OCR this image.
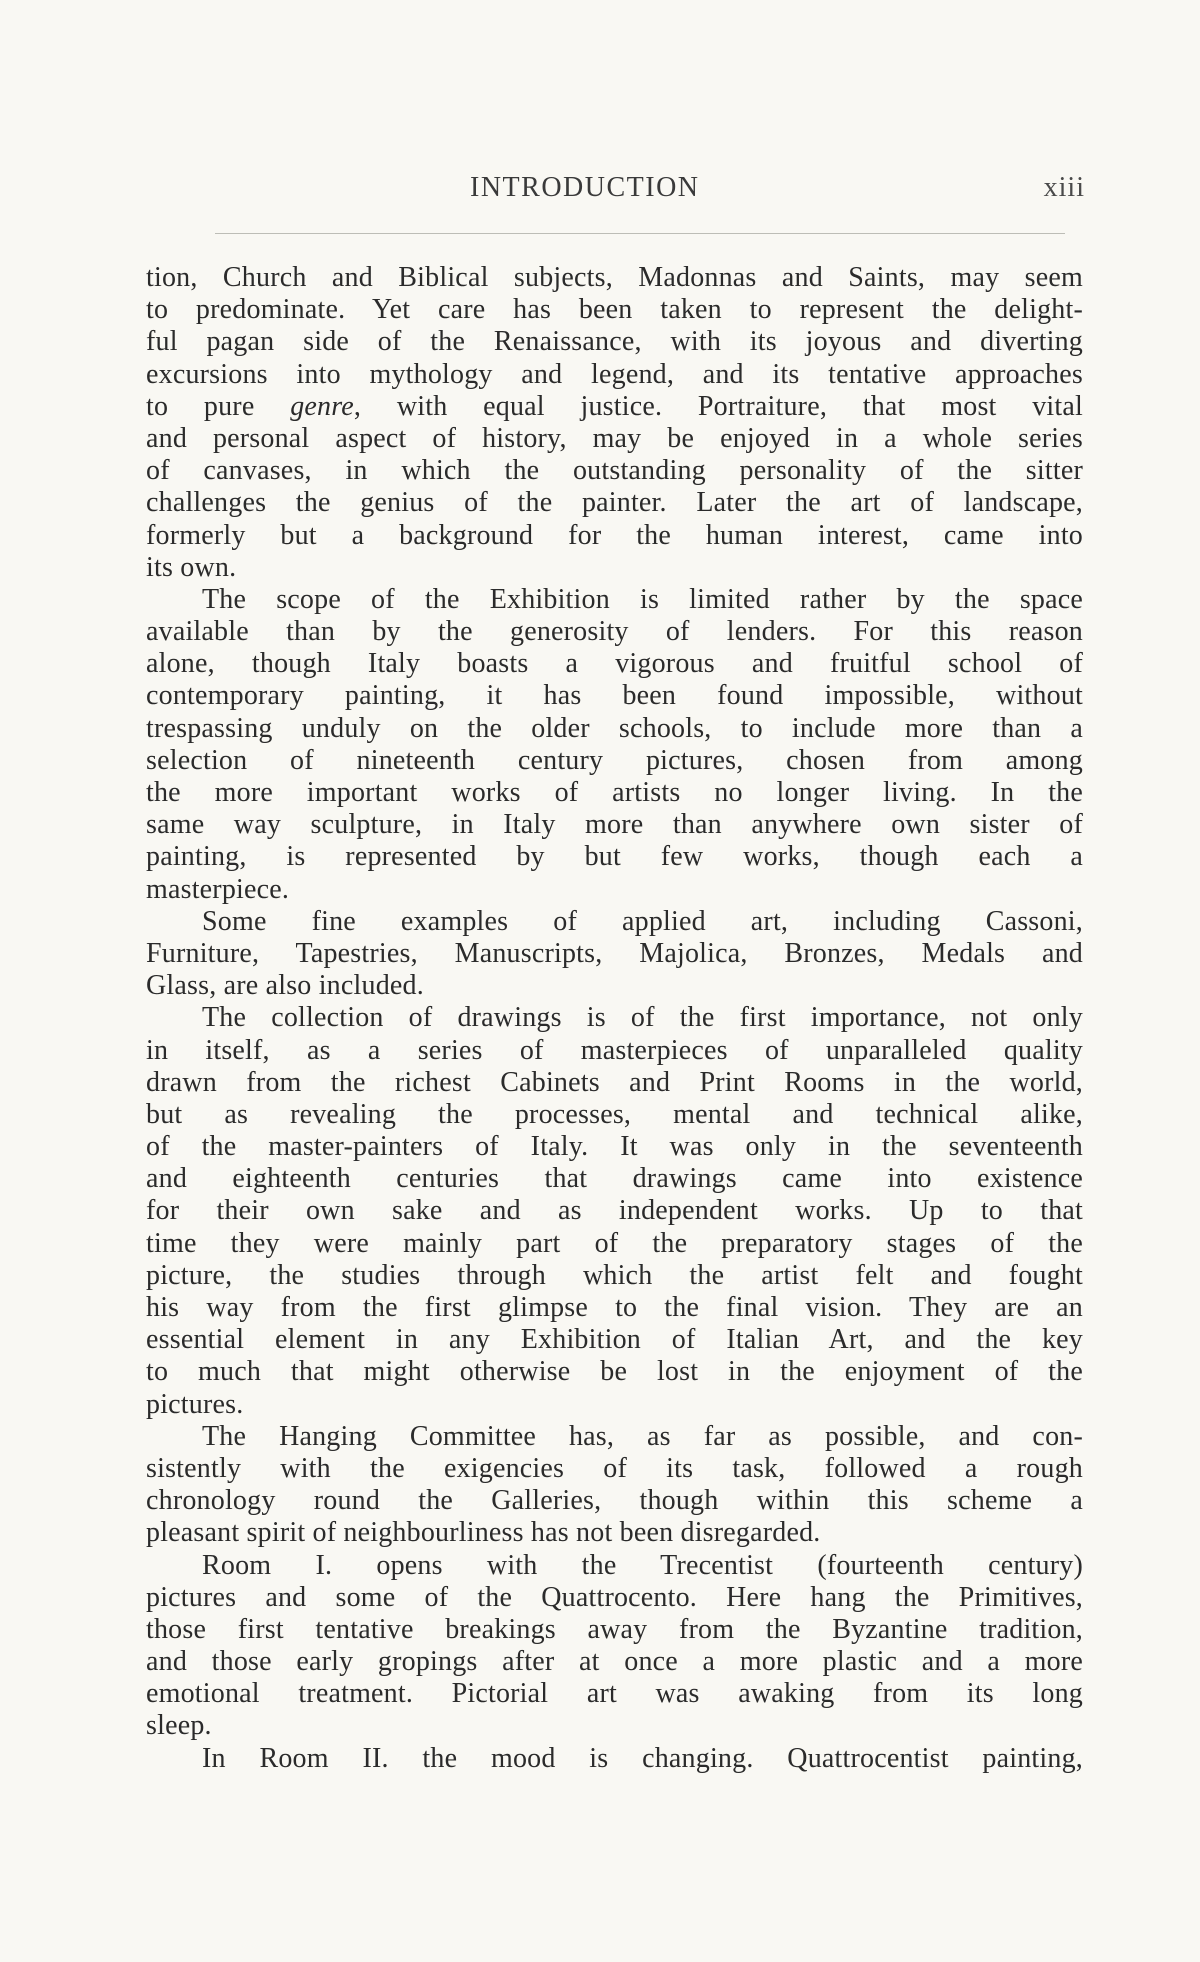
INTRODUCTION	xiii
tion, Church and Biblical subjects, Madonnas and Saints, may seem
to predominate. Yet care has been taken to represent the delight-
ful pagan side of the Renaissance, with its joyous and diverting
excursions into mythology and legend, and its tentative approaches
to pure genre, with equal justice. Portraiture, that most vital
and personal aspect of history, may be enjoyed in a whole series
of canvases, in which the outstanding personality of the sitter
challenges the genius of the painter. Later the art of landscape,
formerly but a background for the human interest, came into
its own.
The scope of the Exhibition is limited rather by the space
available than by the generosity of lenders. For this reason
alone, though Italy boasts a vigorous and fruitful school of
contemporary painting, it has been found impossible, without
trespassing unduly on the older schools, to include more than a
selection of nineteenth century pictures, chosen from among
the more important works of artists no longer living. In the
same way sculpture, in Italy more than anywhere own sister of
painting, is represented by but few works, though each a
masterpiece.
Some fine examples of applied art, including Cassoni,
Furniture, Tapestries, Manuscripts, Majolica, Bronzes, Medals and
Glass, are also included.
The collection of drawings is of the first importance, not only
in itself, as a series of masterpieces of unparalleled quality
drawn from the richest Cabinets and Print Rooms in the world,
but as revealing the processes, mental and technical alike,
of the master-painters of Italy. It was only in the seventeenth
and eighteenth centuries that drawings came into existence
for their own sake and as independent works. Up to that
time they were mainly part of the preparatory stages of the
picture, the studies through which the artist felt and fought
his way from the first glimpse to the final vision. They are an
essential element in any Exhibition of Italian Art, and the key
to much that might otherwise be lost in the enjoyment of the
pictures.
The Hanging Committee has, as far as possible, and con-
sistently with the exigencies of its task, followed a rough
chronology round the Galleries, though within this scheme a
pleasant spirit of neighbourliness has not been disregarded.
Room I. opens with the Trecentist (fourteenth century)
pictures and some of the Quattrocento. Here hang the Primitives,
those first tentative breakings away from the Byzantine tradition,
and those early gropings after at once a more plastic and a more
emotional treatment. Pictorial art was awaking from its long
sleep.
In Room II. the mood is changing. Quattrocentist painting,
